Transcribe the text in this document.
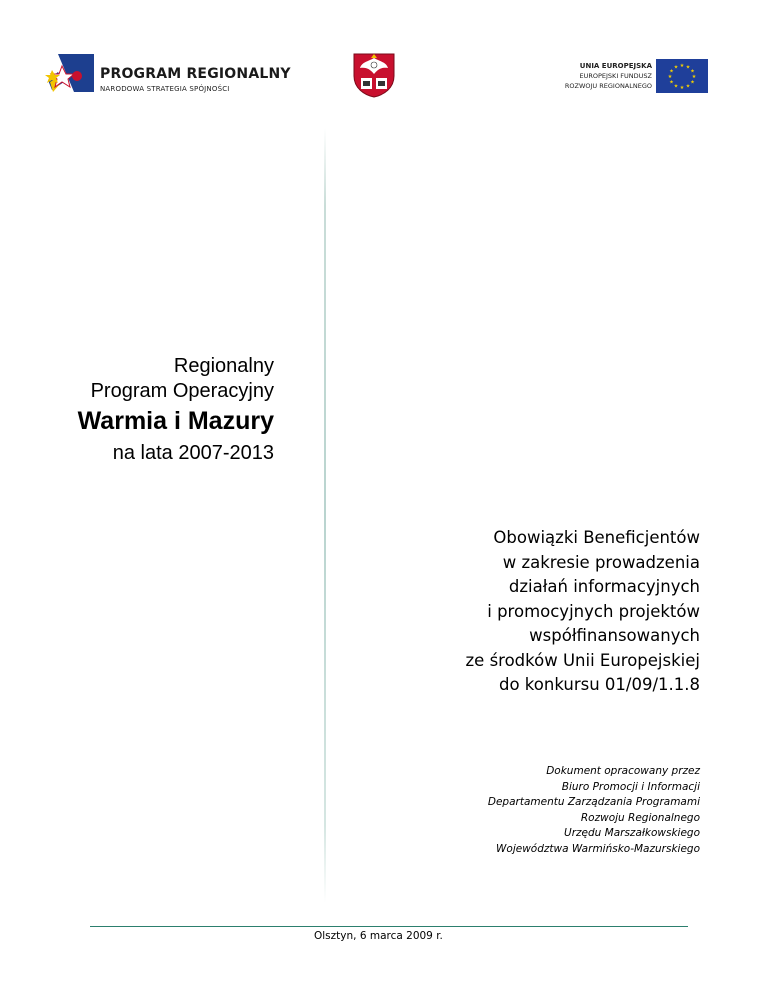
PROGRAM REGIONALNY
NARODOWA STRATEGIA SPÓJNOŚCI
UNIA EUROPEJSKA
EUROPEJSKI FUNDUSZ
ROZWOJU REGIONALNEGO
★ ★
★
★
★
★
★
★
★
★
★
★
Regionalny
Program Operacyjny
Warmia i Mazury
na lata 2007-2013
Obowiązki Beneficjentów
w zakresie prowadzenia
działań informacyjnych
i promocyjnych projektów
współfinansowanych
ze środków Unii Europejskiej
do konkursu 01/09/1.1.8
Dokument opracowany przez
Biuro Promocji i Informacji
Departamentu Zarządzania Programami
Rozwoju Regionalnego
Urzędu Marszałkowskiego
Województwa Warmińsko-Mazurskiego
Olsztyn, 6 marca 2009 r.
